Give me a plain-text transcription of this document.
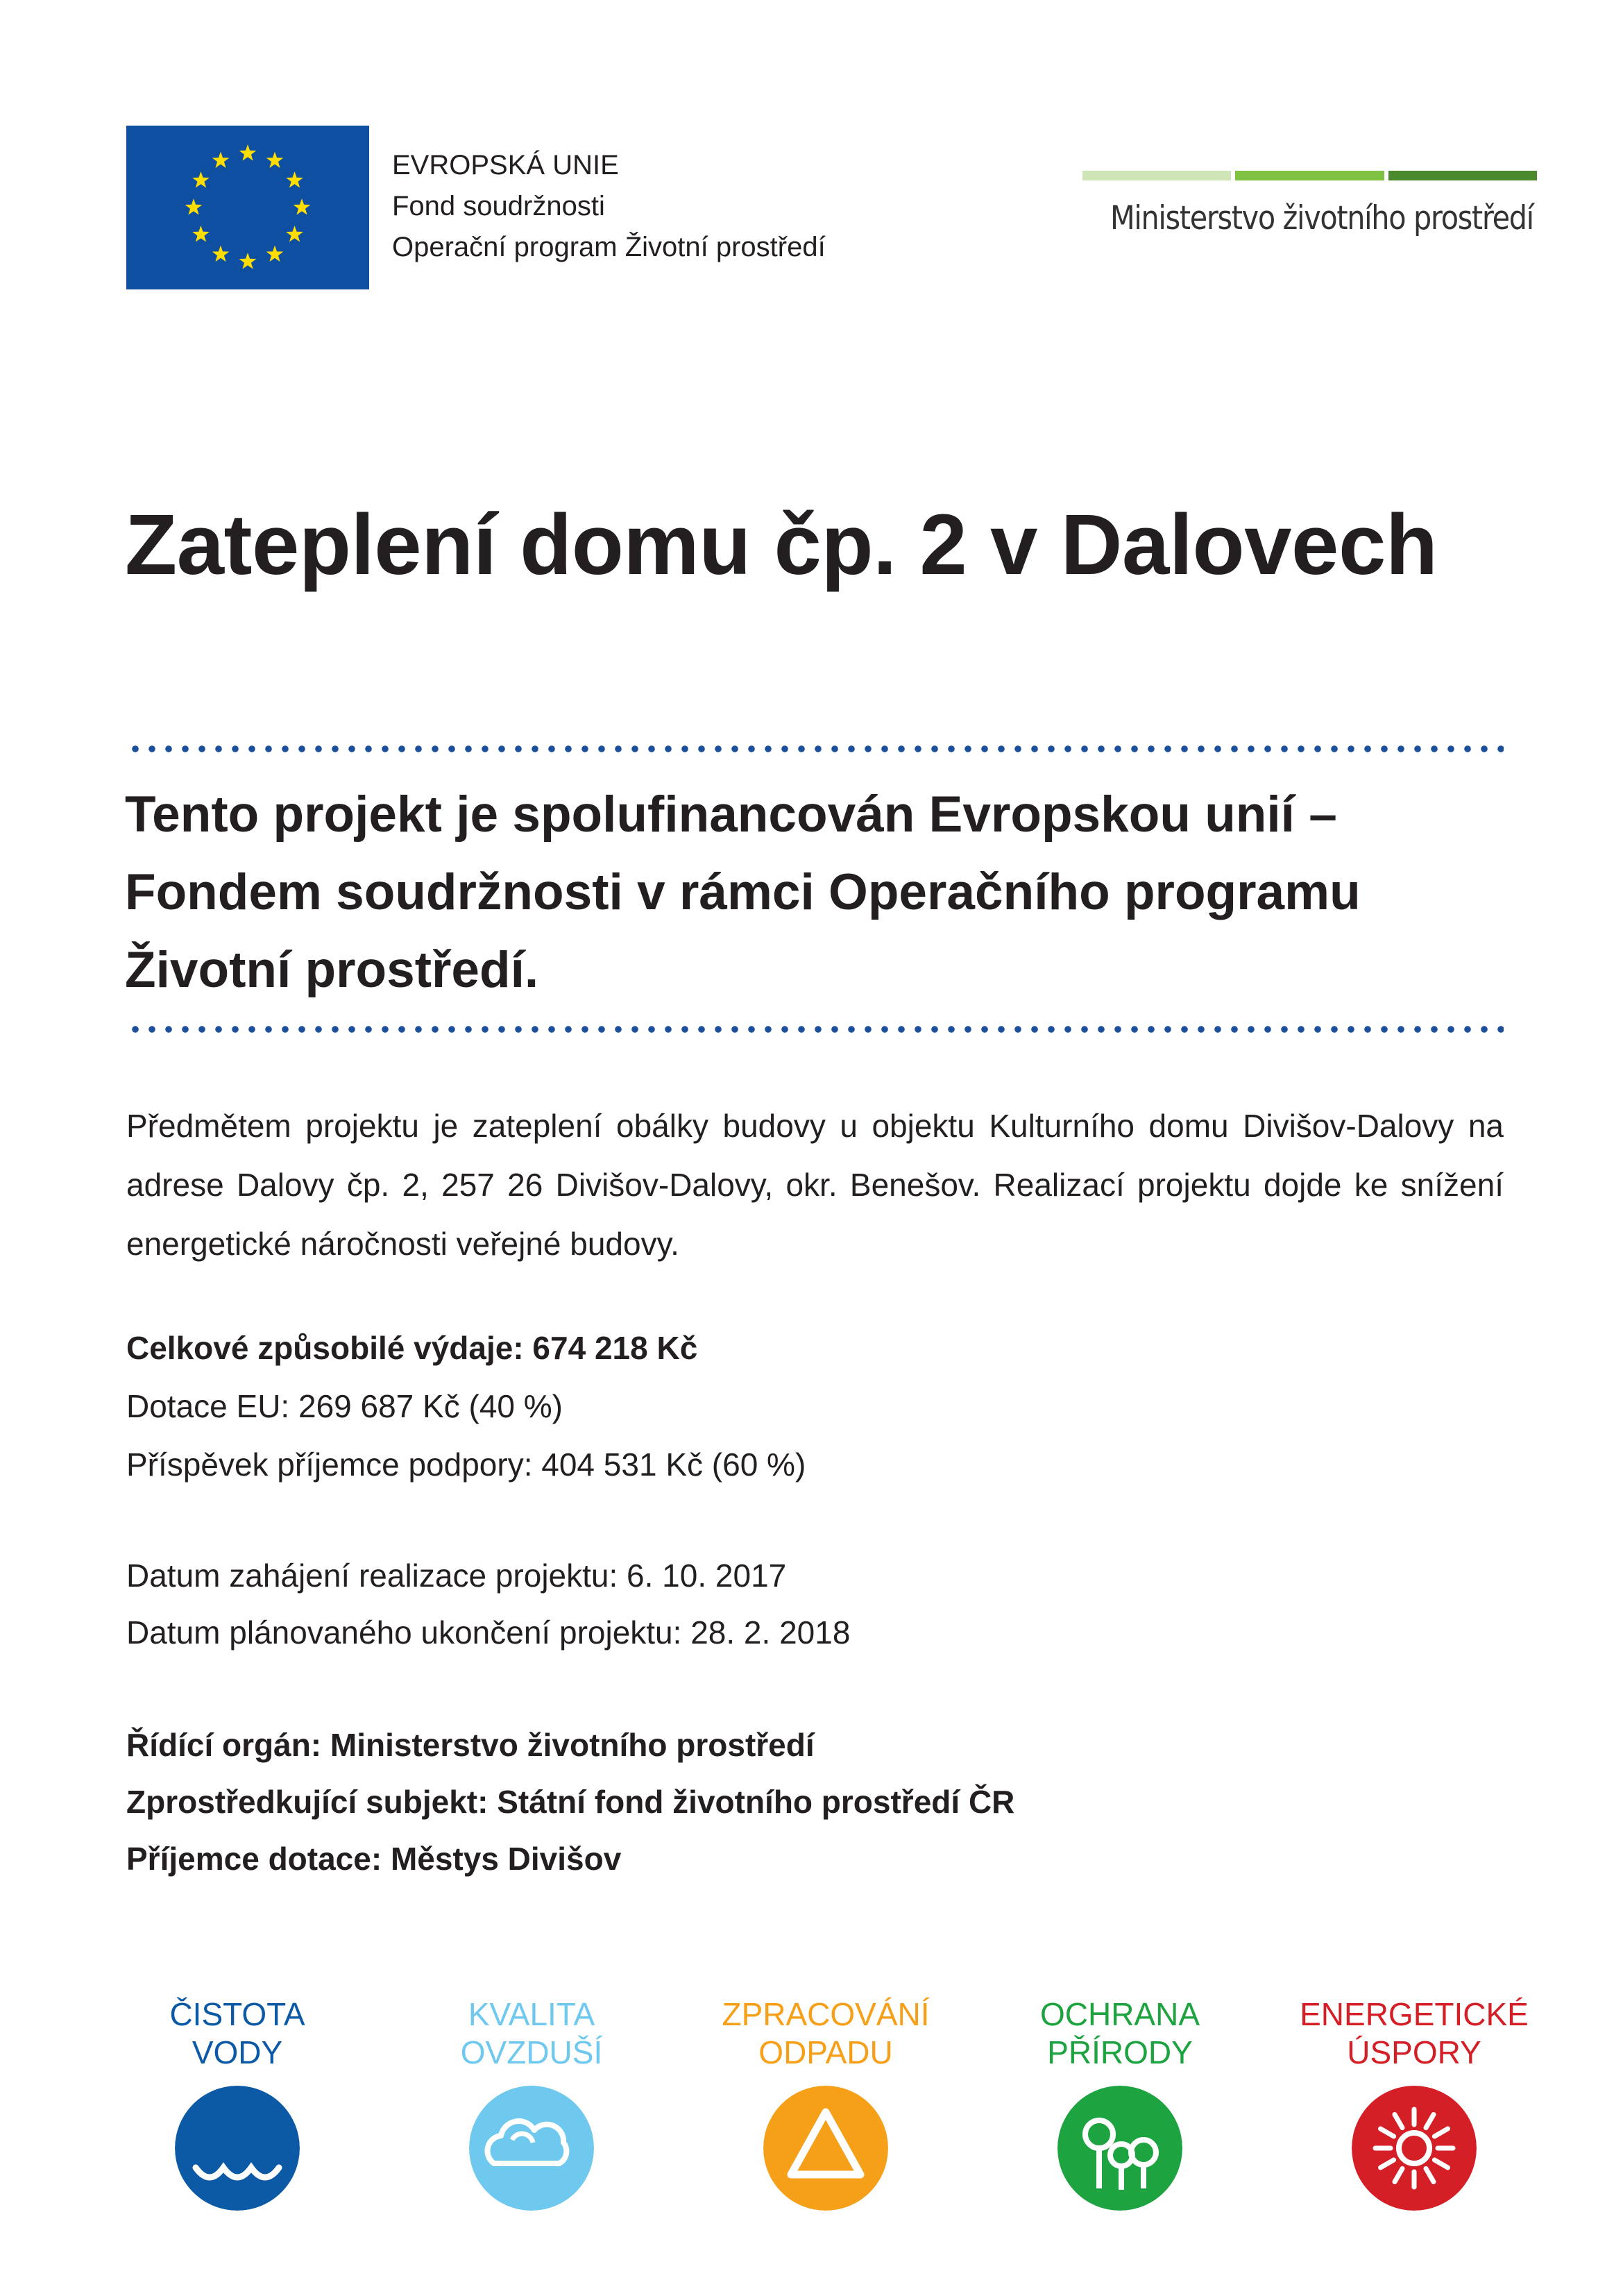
EVROPSKÁ UNIE
Fond soudržnosti
Operační program Životní prostředí
Ministerstvo životního prostředí
Zateplení domu čp. 2 v Dalovech
Tento projekt je spolufinancován Evropskou unií – Fondem soudržnosti v rámci Operačního programu Životní prostředí.
Předmětem projektu je zateplení obálky budovy u objektu Kulturního domu Divišov-Dalovy na adrese Dalovy čp. 2, 257 26 Divišov-Dalovy, okr. Benešov. Realizací projektu dojde ke snížení energetické náročnosti veřejné budovy.
Celkové způsobilé výdaje: 674 218 Kč
Dotace EU: 269 687 Kč (40 %)
Příspěvek příjemce podpory: 404 531 Kč (60 %)
Datum zahájení realizace projektu: 6. 10. 2017
Datum plánovaného ukončení projektu: 28. 2. 2018
Řídící orgán: Ministerstvo životního prostředí
Zprostředkující subjekt: Státní fond životního prostředí ČR
Příjemce dotace: Městys Divišov
ČISTOTA
VODY
KVALITA
OVZDUŠÍ
ZPRACOVÁNÍ
ODPADU
OCHRANA
PŘÍRODY
ENERGETICKÉ
ÚSPORY
